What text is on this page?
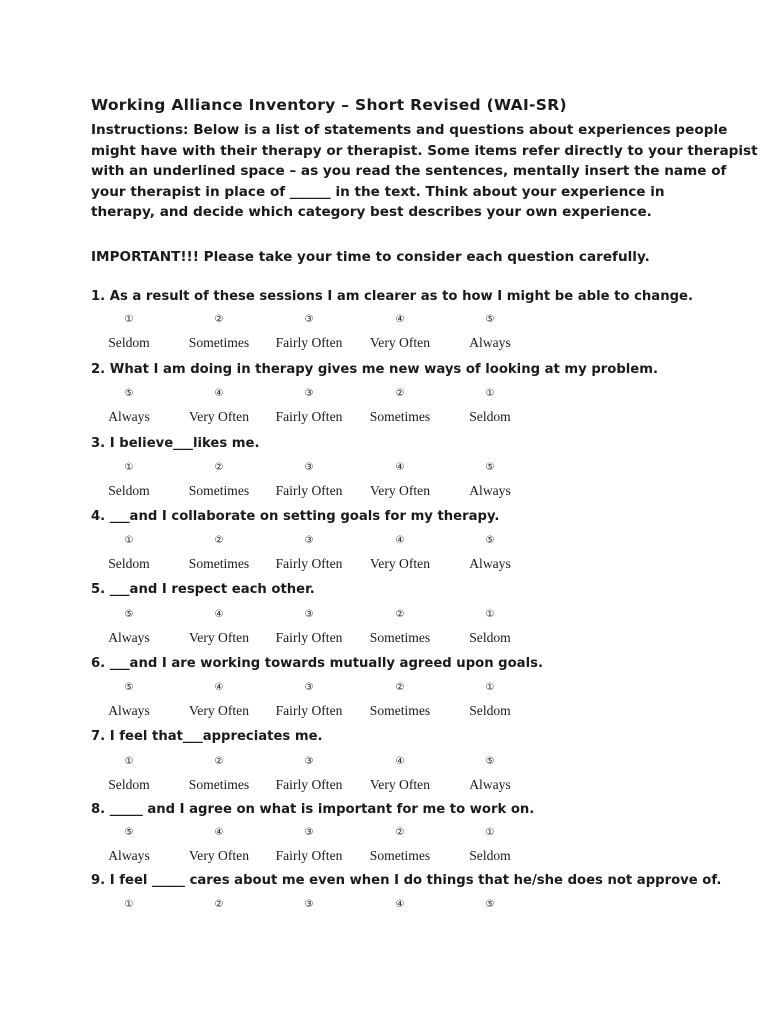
Working Alliance Inventory – Short Revised (WAI-SR)
Instructions: Below is a list of statements and questions about experiences people
might have with their therapy or therapist. Some items refer directly to your therapist
with an underlined space – as you read the sentences, mentally insert the name of
your therapist in place of ______ in the text. Think about your experience in
therapy, and decide which category best describes your own experience.
IMPORTANT!!! Please take your time to consider each question carefully.
1. As a result of these sessions I am clearer as to how I might be able to change.
①
Seldom
②
Sometimes
③
Fairly Often
④
Very Often
⑤
Always
2. What I am doing in therapy gives me new ways of looking at my problem.
⑤
Always
④
Very Often
③
Fairly Often
②
Sometimes
①
Seldom
3. I believe___likes me.
①
Seldom
②
Sometimes
③
Fairly Often
④
Very Often
⑤
Always
4. ___and I collaborate on setting goals for my therapy.
①
Seldom
②
Sometimes
③
Fairly Often
④
Very Often
⑤
Always
5. ___and I respect each other.
⑤
Always
④
Very Often
③
Fairly Often
②
Sometimes
①
Seldom
6. ___and I are working towards mutually agreed upon goals.
⑤
Always
④
Very Often
③
Fairly Often
②
Sometimes
①
Seldom
7. I feel that___appreciates me.
①
Seldom
②
Sometimes
③
Fairly Often
④
Very Often
⑤
Always
8. _____ and I agree on what is important for me to work on.
⑤
Always
④
Very Often
③
Fairly Often
②
Sometimes
①
Seldom
9. I feel _____ cares about me even when I do things that he/she does not approve of.
①	②	③	④	⑤
